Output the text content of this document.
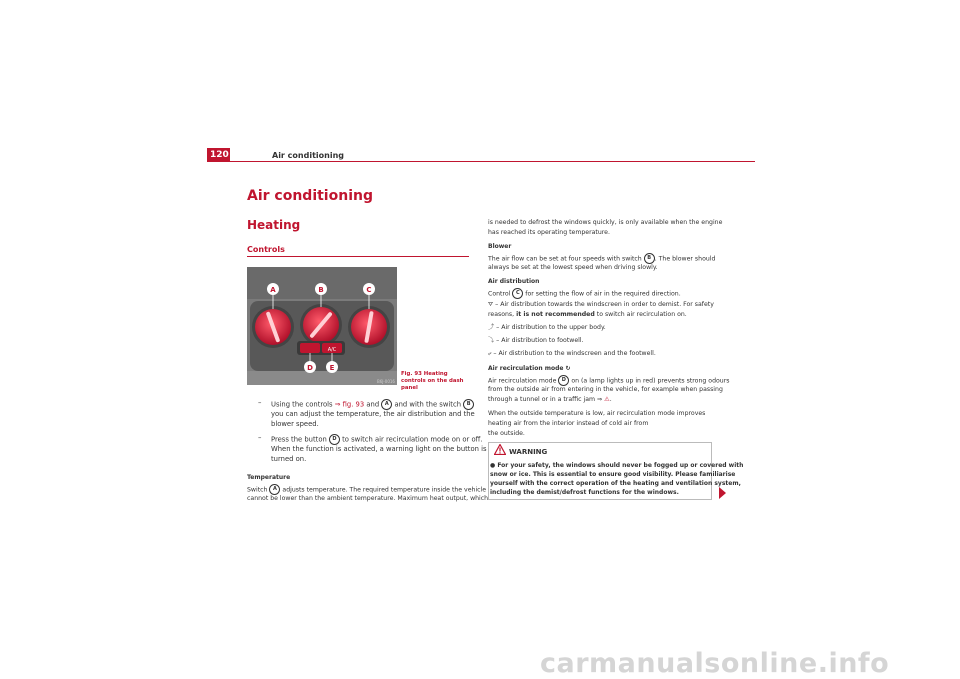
120	Air conditioning
Air conditioning
Heating
Controls
A/C
A	B	C
D E
B6J-0016
Fig. 93 Heating controls on the dash panel
– Using the controls ⇒ fig. 93 and A and with the switch B
you can adjust the temperature, the air distribution and the
blower speed.
– Press the button D to switch air recirculation mode on or off.
When the function is activated, a warning light on the button is
turned on.
Temperature
Switch A adjusts temperature. The required temperature inside the vehicle
cannot be lower than the ambient temperature. Maximum heat output, which
is needed to defrost the windows quickly, is only available when the engine
has reached its operating temperature.
Blower
The air flow can be set at four speeds with switch B . The blower should
always be set at the lowest speed when driving slowly.
Air distribution
Control C for setting the flow of air in the required direction.
⛛ – Air distribution towards the windscreen in order to demist. For safety
reasons, it is not recommended to switch air recirculation on.
⤴ – Air distribution to the upper body.
⤵ – Air distribution to footwell.
⤶ – Air distribution to the windscreen and the footwell.
Air recirculation mode ↻
Air recirculation mode D on (a lamp lights up in red) prevents strong odours
from the outside air from entering in the vehicle, for example when passing
through a tunnel or in a traffic jam ⇒ ⚠.
When the outside temperature is low, air recirculation mode improves
heating air from the interior instead of cold air from
the outside.
WARNING
● For your safety, the windows should never be fogged up or covered with
snow or ice. This is essential to ensure good visibility. Please familiarise
yourself with the correct operation of the heating and ventilation system,
including the demist/defrost functions for the windows.
carmanualsonline.info
